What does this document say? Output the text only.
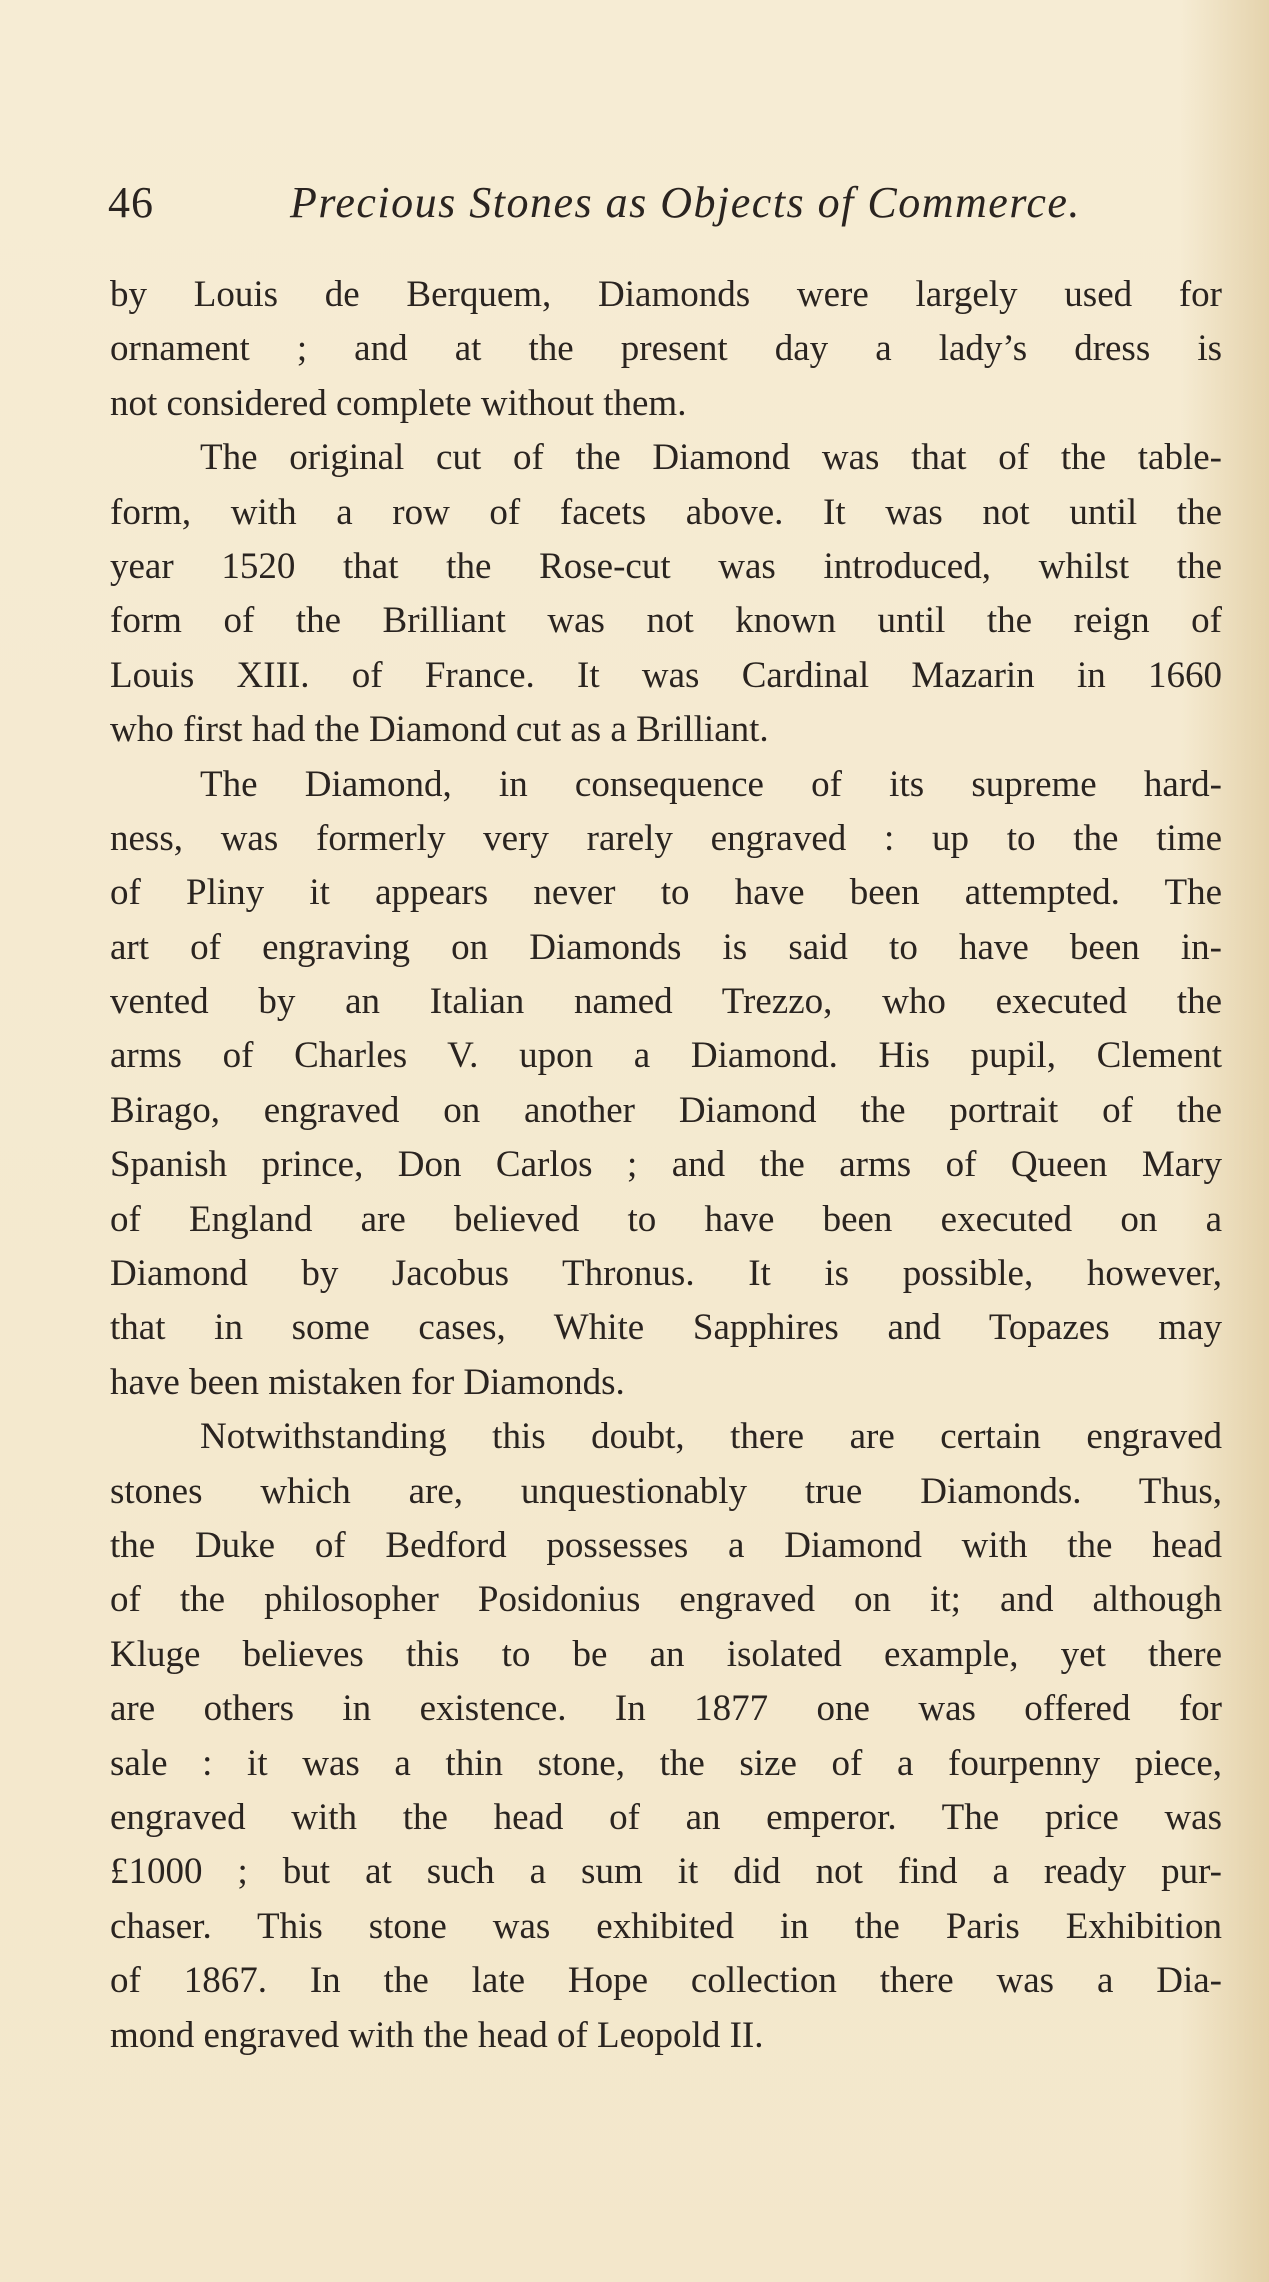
46	Precious Stones as Objects of Commerce.
by Louis de Berquem, Diamonds were largely used for
ornament ; and at the present day a lady’s dress is
not considered complete without them.
The original cut of the Diamond was that of the table-
form, with a row of facets above. It was not until the
year 1520 that the Rose-cut was introduced, whilst the
form of the Brilliant was not known until the reign of
Louis XIII. of France. It was Cardinal Mazarin in 1660
who first had the Diamond cut as a Brilliant.
The Diamond, in consequence of its supreme hard-
ness, was formerly very rarely engraved : up to the time
of Pliny it appears never to have been attempted. The
art of engraving on Diamonds is said to have been in-
vented by an Italian named Trezzo, who executed the
arms of Charles V. upon a Diamond. His pupil, Clement
Birago, engraved on another Diamond the portrait of the
Spanish prince, Don Carlos ; and the arms of Queen Mary
of England are believed to have been executed on a
Diamond by Jacobus Thronus. It is possible, however,
that in some cases, White Sapphires and Topazes may
have been mistaken for Diamonds.
Notwithstanding this doubt, there are certain engraved
stones which are, unquestionably true Diamonds. Thus,
the Duke of Bedford possesses a Diamond with the head
of the philosopher Posidonius engraved on it; and although
Kluge believes this to be an isolated example, yet there
are others in existence. In 1877 one was offered for
sale : it was a thin stone, the size of a fourpenny piece,
engraved with the head of an emperor. The price was
£1000 ; but at such a sum it did not find a ready pur-
chaser. This stone was exhibited in the Paris Exhibition
of 1867. In the late Hope collection there was a Dia-
mond engraved with the head of Leopold II.
